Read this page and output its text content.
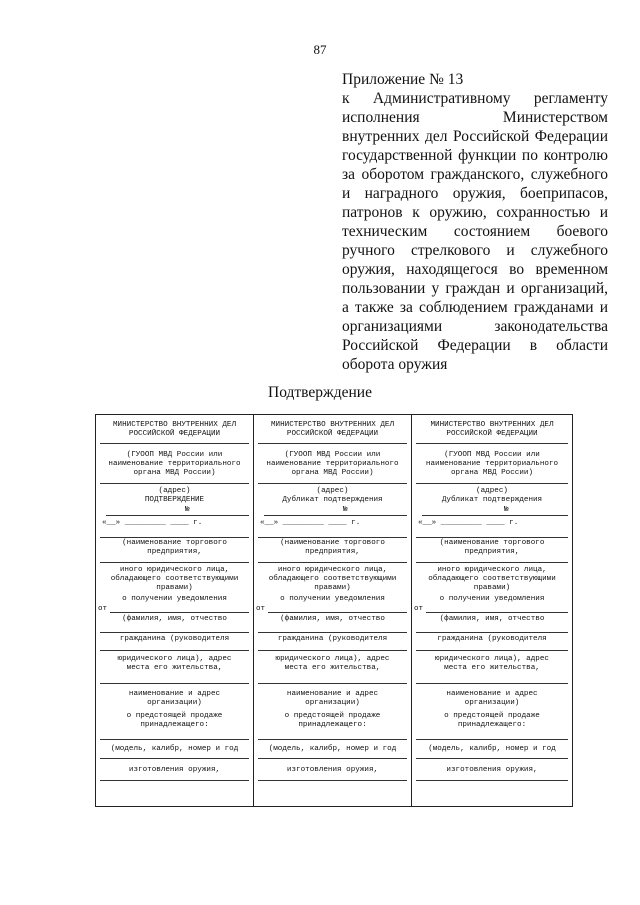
87

Приложение № 13

к Административному регламенту исполнения Министерством внутренних дел Российской Федерации государственной функции по контролю за оборотом гражданского, служебного и наградного оружия, боеприпасов, патронов к оружию, сохранностью и техническим состоянием боевого ручного стрелкового и служебного оружия, находящегося во временном пользовании у граждан и организаций, а также за соблюдением гражданами и организациями законодательства Российской Федерации в области оборота оружия

Подтверждение
МИНИСТЕРСТВО ВНУТРЕННИХ ДЕЛ
РОССИЙСКОЙ ФЕДЕРАЦИИ
(ГУООП МВД России или
наименование территориального
органа МВД России)
(адрес)
ПОДТВЕРЖДЕНИЕ
№
«__» _________ ____ г.
(наименование торгового
предприятия,
иного юридического лица,
обладающего соответствующими
правами)
о получении уведомления
от
(фамилия, имя, отчество
гражданина (руководителя
юридического лица), адрес
места его жительства,
наименование и адрес
организации)
о предстоящей продаже
принадлежащего:
(модель, калибр, номер и год
изготовления оружия,
МИНИСТЕРСТВО ВНУТРЕННИХ ДЕЛ
РОССИЙСКОЙ ФЕДЕРАЦИИ
(ГУООП МВД России или
наименование территориального
органа МВД России)
(адрес)
Дубликат подтверждения
№
«__» _________ ____ г.
(наименование торгового
предприятия,
иного юридического лица,
обладающего соответствующими
правами)
о получении уведомления
от
(фамилия, имя, отчество
гражданина (руководителя
юридического лица), адрес
места его жительства,
наименование и адрес
организации)
о предстоящей продаже
принадлежащего:
(модель, калибр, номер и год
изготовления оружия,
МИНИСТЕРСТВО ВНУТРЕННИХ ДЕЛ
РОССИЙСКОЙ ФЕДЕРАЦИИ
(ГУООП МВД России или
наименование территориального
органа МВД России)
(адрес)
Дубликат подтверждения
№
«__» _________ ____ г.
(наименование торгового
предприятия,
иного юридического лица,
обладающего соответствующими
правами)
о получении уведомления
от
(фамилия, имя, отчество
гражданина (руководителя
юридического лица), адрес
места его жительства,
наименование и адрес
организации)
о предстоящей продаже
принадлежащего:
(модель, калибр, номер и год
изготовления оружия,
